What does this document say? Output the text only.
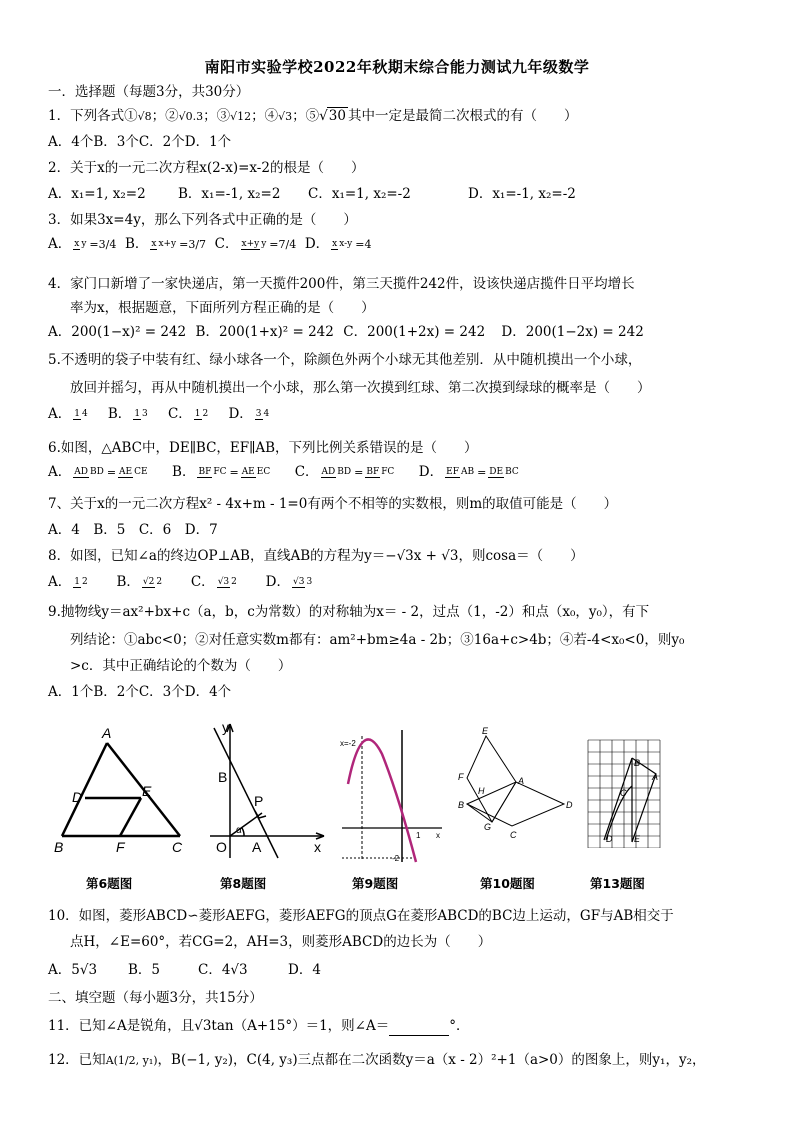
南阳市实验学校2022年秋期末综合能力测试九年级数学
一．选择题（每题3分，共30分）
1．下列各式①√8；②√0.3；③√12；④√3；⑤√30 其中一定是最简二次根式的有（　　）
A．4个B．3个C．2个D．1个
2．关于x的一元二次方程x(2-x)=x-2的根是（　　）
A．x₁=1, x₂=2 B．x₁=-1, x₂=2 C．x₁=1, x₂=-2	D．x₁=-1, x₂=-2
3．如果3x=4y，那么下列各式中正确的是（　　）
A． x y =3/4 B． x x+y =3/7 C． x+y y =7/4 D． x x-y =4
4．家门口新增了一家快递店，第一天揽件200件，第三天揽件242件，设该快递店揽件日平均增长
率为x，根据题意，下面所列方程正确的是（　　）
A．200(1−x)² = 242 B．200(1+x)² = 242 C．200(1+2x) = 242 D．200(1−2x) = 242
5.不透明的袋子中装有红、绿小球各一个，除颜色外两个小球无其他差别．从中随机摸出一个小球，
放回并摇匀，再从中随机摸出一个小球，那么第一次摸到红球、第二次摸到绿球的概率是（　　）
A． 1 4 B． 1 3 C． 1 2 D． 3 4
6.如图，△ABC中，DE∥BC，EF∥AB，下列比例关系错误的是（　　）
A． AD BD = AE CE B． BF FC = AE EC C． AD BD = BF FC D． EF AB = DE BC
7、关于x的一元二次方程x² - 4x+m - 1=0有两个不相等的实数根，则m的取值可能是（　　）
A．4　B．5　C．6　D．7
8．如图，已知∠a的终边OP⊥AB，直线AB的方程为y＝−√3x + √3，则cosa＝（　　）
A． 1 2 B． √2 2 C． √3 2 D． √3 3
9.抛物线y＝ax²+bx+c（a，b，c为常数）的对称轴为x＝ - 2，过点（1，-2）和点（x₀，y₀），有下
列结论：①abc<0；②对任意实数m都有：am²+bm≥4a - 2b；③16a+c>4b；④若-4<x₀<0，则y₀
>c．其中正确结论的个数为（　　）
A．1个B．2个C．3个D．4个
A
D	E
B	F	C
y
x
B
P
O A
α
x=-2
x
1
-2
E
F
H
A
B
G
C
D
B
A
C
D E
第6题图	第8题图	第9题图	第10题图	第13题图
10．如图，菱形ABCD∽菱形AEFG，菱形AEFG的顶点G在菱形ABCD的BC边上运动，GF与AB相交于
点H，∠E=60°，若CG=2，AH=3，则菱形ABCD的边长为（　　）
A．5√3 B．5	C．4√3	D．4
二、填空题（每小题3分，共15分）
11．已知∠A是锐角，且√3tan（A+15°）＝1，则∠A＝	°．
12．已知A(1/2, y₁)，B(−1, y₂)，C(4, y₃)三点都在二次函数y＝a（x - 2）²+1（a>0）的图象上，则y₁，y₂，
